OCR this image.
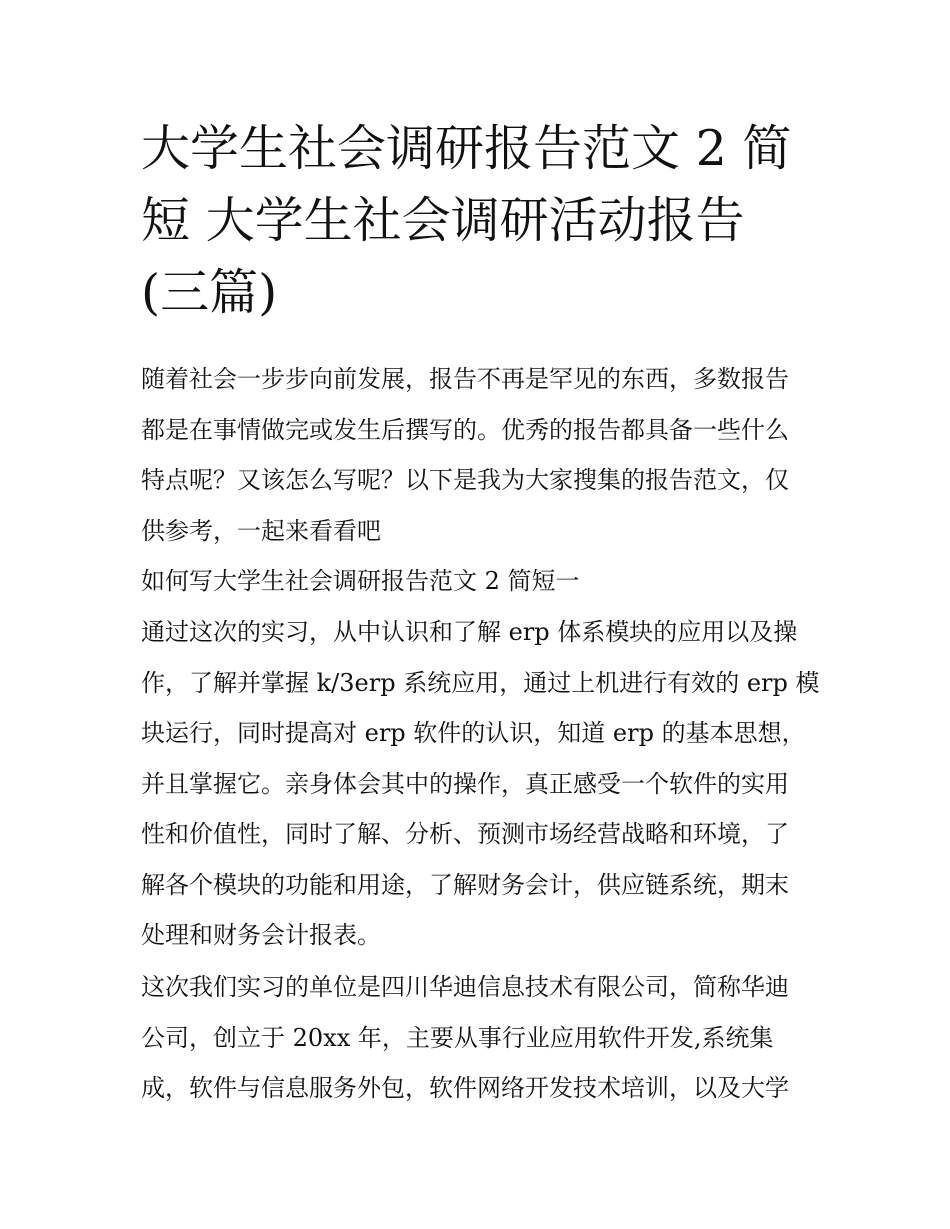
大学生社会调研报告范文 2 简
短 大学生社会调研活动报告
(三篇)
随着社会一步步向前发展，报告不再是罕见的东西，多数报告
都是在事情做完或发生后撰写的。优秀的报告都具备一些什么
特点呢？又该怎么写呢？以下是我为大家搜集的报告范文，仅
供参考，一起来看看吧
如何写大学生社会调研报告范文 2 简短一
通过这次的实习，从中认识和了解 erp 体系模块的应用以及操
作，了解并掌握 k/3erp 系统应用，通过上机进行有效的 erp 模
块运行，同时提高对 erp 软件的认识，知道 erp 的基本思想，
并且掌握它。亲身体会其中的操作，真正感受一个软件的实用
性和价值性，同时了解、分析、预测市场经营战略和环境，了
解各个模块的功能和用途，了解财务会计，供应链系统，期末
处理和财务会计报表。
这次我们实习的单位是四川华迪信息技术有限公司，简称华迪
公司，创立于 20xx 年，主要从事行业应用软件开发,系统集
成，软件与信息服务外包，软件网络开发技术培训，以及大学
